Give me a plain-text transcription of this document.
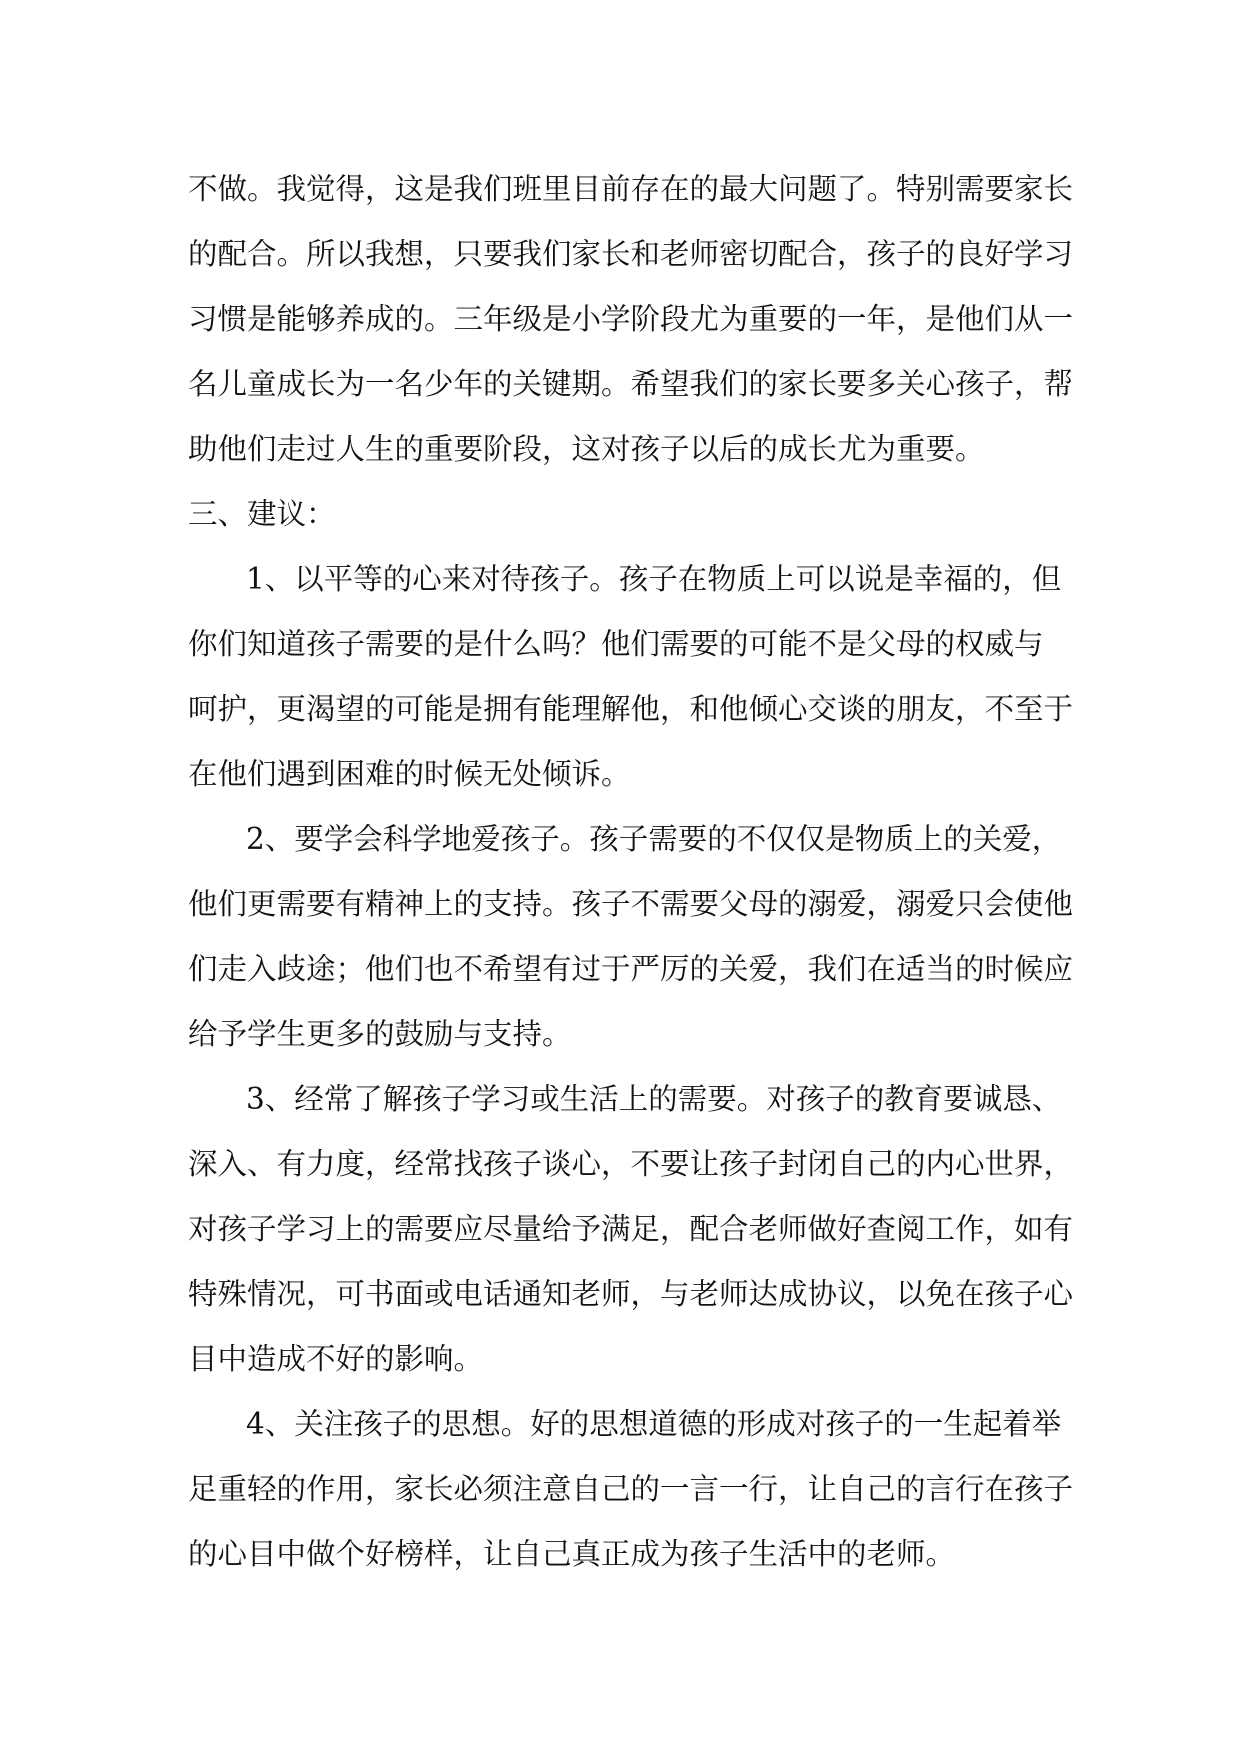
不做。我觉得，这是我们班里目前存在的最大问题了。特别需要家长

的配合。所以我想，只要我们家长和老师密切配合，孩子的良好学习

习惯是能够养成的。三年级是小学阶段尤为重要的一年，是他们从一

名儿童成长为一名少年的关键期。希望我们的家长要多关心孩子，帮

助他们走过人生的重要阶段，这对孩子以后的成长尤为重要。

三、建议：

1、以平等的心来对待孩子。孩子在物质上可以说是幸福的，但

你们知道孩子需要的是什么吗？他们需要的可能不是父母的权威与

呵护，更渴望的可能是拥有能理解他，和他倾心交谈的朋友，不至于

在他们遇到困难的时候无处倾诉。

2、要学会科学地爱孩子。孩子需要的不仅仅是物质上的关爱，

他们更需要有精神上的支持。孩子不需要父母的溺爱，溺爱只会使他

们走入歧途；他们也不希望有过于严厉的关爱，我们在适当的时候应

给予学生更多的鼓励与支持。

3、经常了解孩子学习或生活上的需要。对孩子的教育要诚恳、

深入、有力度，经常找孩子谈心，不要让孩子封闭自己的内心世界，

对孩子学习上的需要应尽量给予满足，配合老师做好查阅工作，如有

特殊情况，可书面或电话通知老师，与老师达成协议，以免在孩子心

目中造成不好的影响。

4、关注孩子的思想。好的思想道德的形成对孩子的一生起着举

足重轻的作用，家长必须注意自己的一言一行，让自己的言行在孩子

的心目中做个好榜样，让自己真正成为孩子生活中的老师。
